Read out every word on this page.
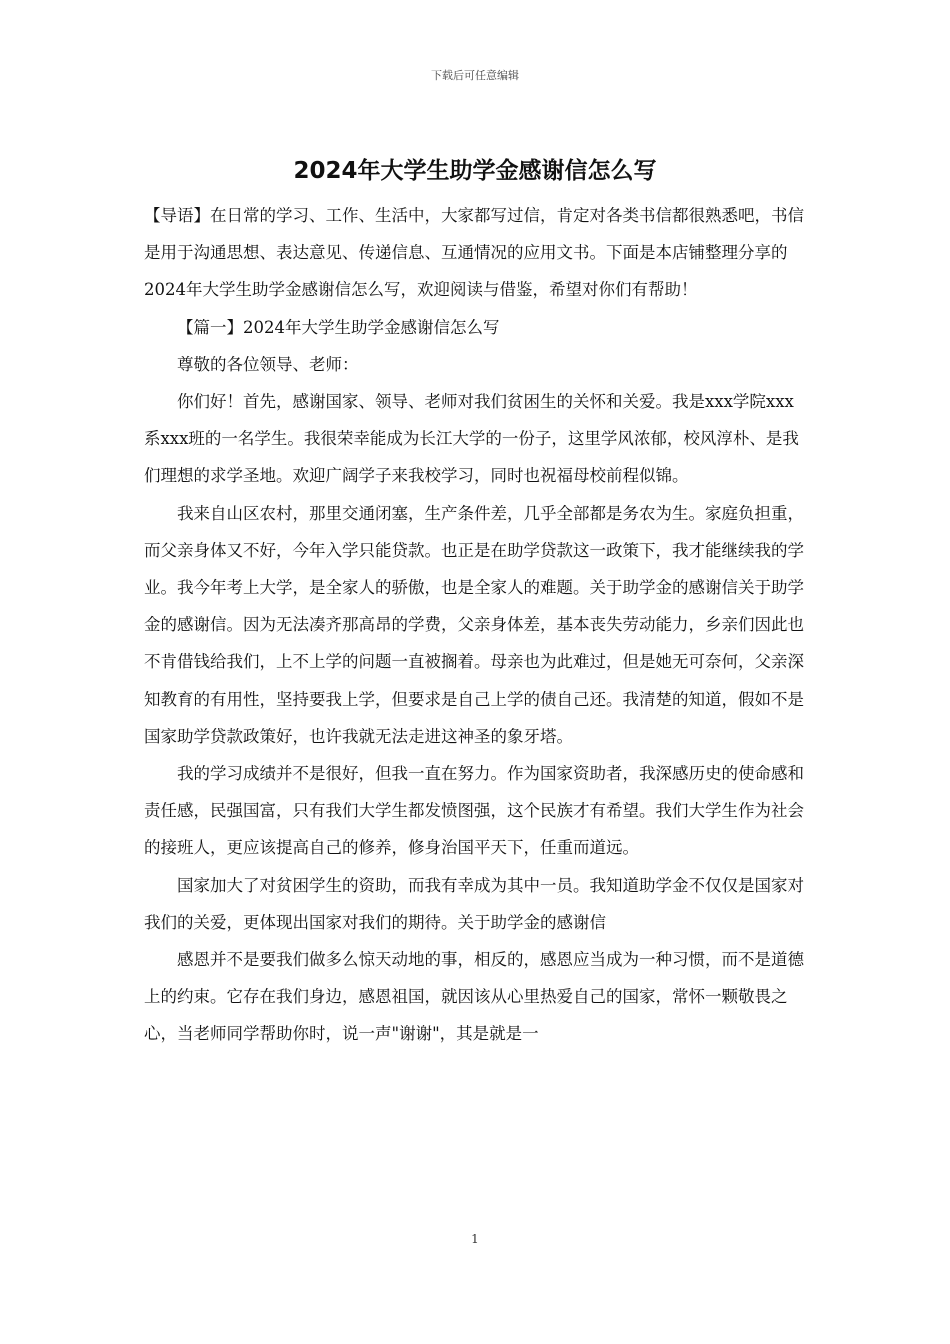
下载后可任意编辑
2024年大学生助学金感谢信怎么写

【导语】在日常的学习、工作、生活中，大家都写过信，肯定对各类书信都很熟悉吧，书信是用于沟通思想、表达意见、传递信息、互通情况的应用文书。下面是本店铺整理分享的2024年大学生助学金感谢信怎么写，欢迎阅读与借鉴，希望对你们有帮助！

【篇一】2024年大学生助学金感谢信怎么写

尊敬的各位领导、老师：

你们好！首先，感谢国家、领导、老师对我们贫困生的关怀和关爱。我是xxx学院xxx系xxx班的一名学生。我很荣幸能成为长江大学的一份子，这里学风浓郁，校风淳朴、是我们理想的求学圣地。欢迎广阔学子来我校学习，同时也祝福母校前程似锦。

我来自山区农村，那里交通闭塞，生产条件差，几乎全部都是务农为生。家庭负担重，而父亲身体又不好，今年入学只能贷款。也正是在助学贷款这一政策下，我才能继续我的学业。我今年考上大学，是全家人的骄傲，也是全家人的难题。关于助学金的感谢信关于助学金的感谢信。因为无法凑齐那高昂的学费，父亲身体差，基本丧失劳动能力，乡亲们因此也不肯借钱给我们，上不上学的问题一直被搁着。母亲也为此难过，但是她无可奈何，父亲深知教育的有用性，坚持要我上学，但要求是自己上学的债自己还。我清楚的知道，假如不是国家助学贷款政策好，也许我就无法走进这神圣的象牙塔。

我的学习成绩并不是很好，但我一直在努力。作为国家资助者，我深感历史的使命感和责任感，民强国富，只有我们大学生都发愤图强，这个民族才有希望。我们大学生作为社会的接班人，更应该提高自己的修养，修身治国平天下，任重而道远。

国家加大了对贫困学生的资助，而我有幸成为其中一员。我知道助学金不仅仅是国家对我们的关爱，更体现出国家对我们的期待。关于助学金的感谢信

感恩并不是要我们做多么惊天动地的事，相反的，感恩应当成为一种习惯，而不是道德上的约束。它存在我们身边，感恩祖国，就因该从心里热爱自己的国家，常怀一颗敬畏之心，当老师同学帮助你时，说一声"谢谢"，其是就是一

1
